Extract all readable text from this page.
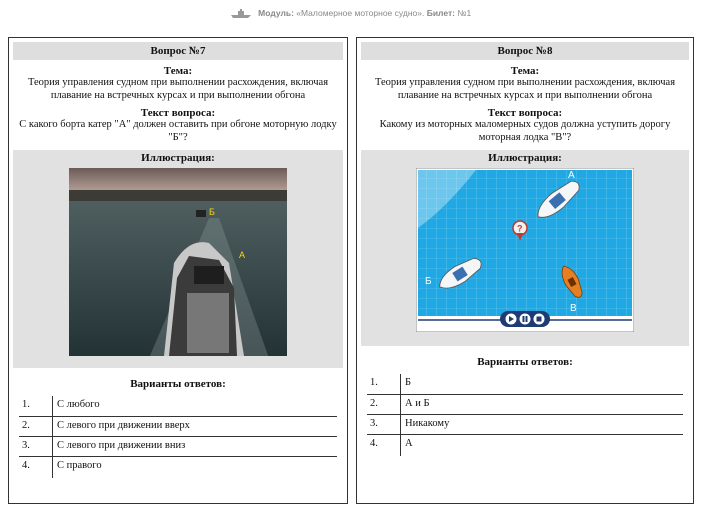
Модуль: «Маломерное моторное судно». Билет: №1
Вопрос №7
Тема:
Теория управления судном при выполнении расхождения, включая плавание на встречных курсах и при выполнении обгона
Текст вопроса:
С какого борта катер "А" должен оставить при обгоне моторную лодку "Б"?
Иллюстрация:
Б
А
Варианты ответов:
1.	С любого
2.	С левого при движении вверх
3.	С левого при движении вниз
4.	С правого
Вопрос №8
Тема:
Теория управления судном при выполнении расхождения, включая плавание на встречных курсах и при выполнении обгона
Текст вопроса:
Какому из моторных маломерных судов должна уступить дорогу моторная лодка "В"?
Иллюстрация:
А
?
Б
В
Варианты ответов:
1.	Б
2.	А и Б
3.	Никакому
4.	А
